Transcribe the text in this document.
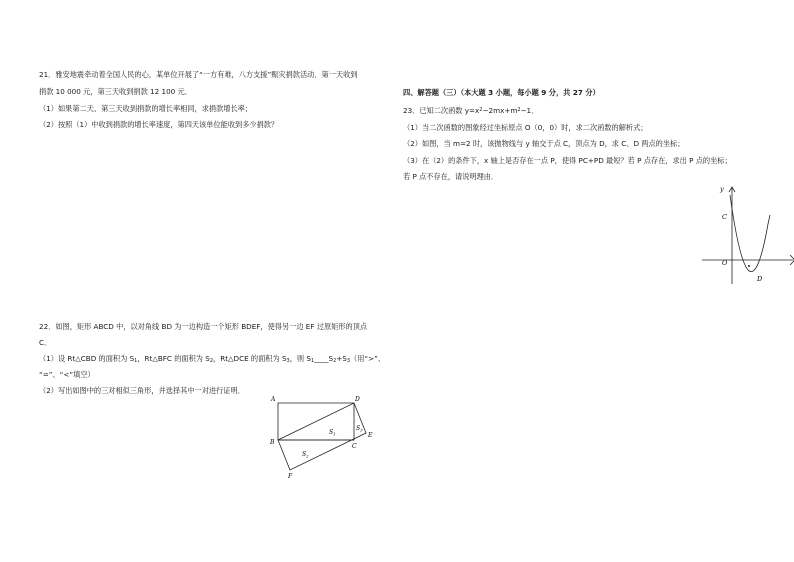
21．雅安地震牵动着全国人民的心，某单位开展了“一方有难，八方支援”赈灾捐款活动．第一天收到
捐款 10 000 元，第三天收到捐款 12 100 元．
（1）如果第二天、第三天收到捐款的增长率相同，求捐款增长率；
（2）按照（1）中收到捐款的增长率速度，第四天该单位能收到多少捐款？
22．如图，矩形 ABCD 中，以对角线 BD 为一边构造一个矩形 BDEF，使得另一边 EF 过原矩形的顶点
C．
（1）设 Rt△CBD 的面积为 $S_1$，Rt△BFC 的面积为 $S_2$，Rt△DCE 的面积为 $S_3$，则 $S_1\_\_\_\_S_2+S_3$（用“>”、
“=”、“<”填空）
（2）写出如图中的三对相似三角形，并选择其中一对进行证明．
A	D
B
C
E
F
$S_1$
$S_2$
$S_3$
四、解答题（三）（本大题 3 小题，每小题 9 分，共 27 分）
23．已知二次函数 $y=x^2-2mx+m^2-1$．
（1）当二次函数的图象经过坐标原点 O（0，0）时，求二次函数的解析式；
（2）如图，当 m=2 时，该抛物线与 y 轴交于点 C，顶点为 D，求 C、D 两点的坐标；
（3）在（2）的条件下，x 轴上是否存在一点 P，使得 PC+PD 最短？若 P 点存在，求出 P 点的坐标；
若 P 点不存在，请说明理由．
y
C
O
D
